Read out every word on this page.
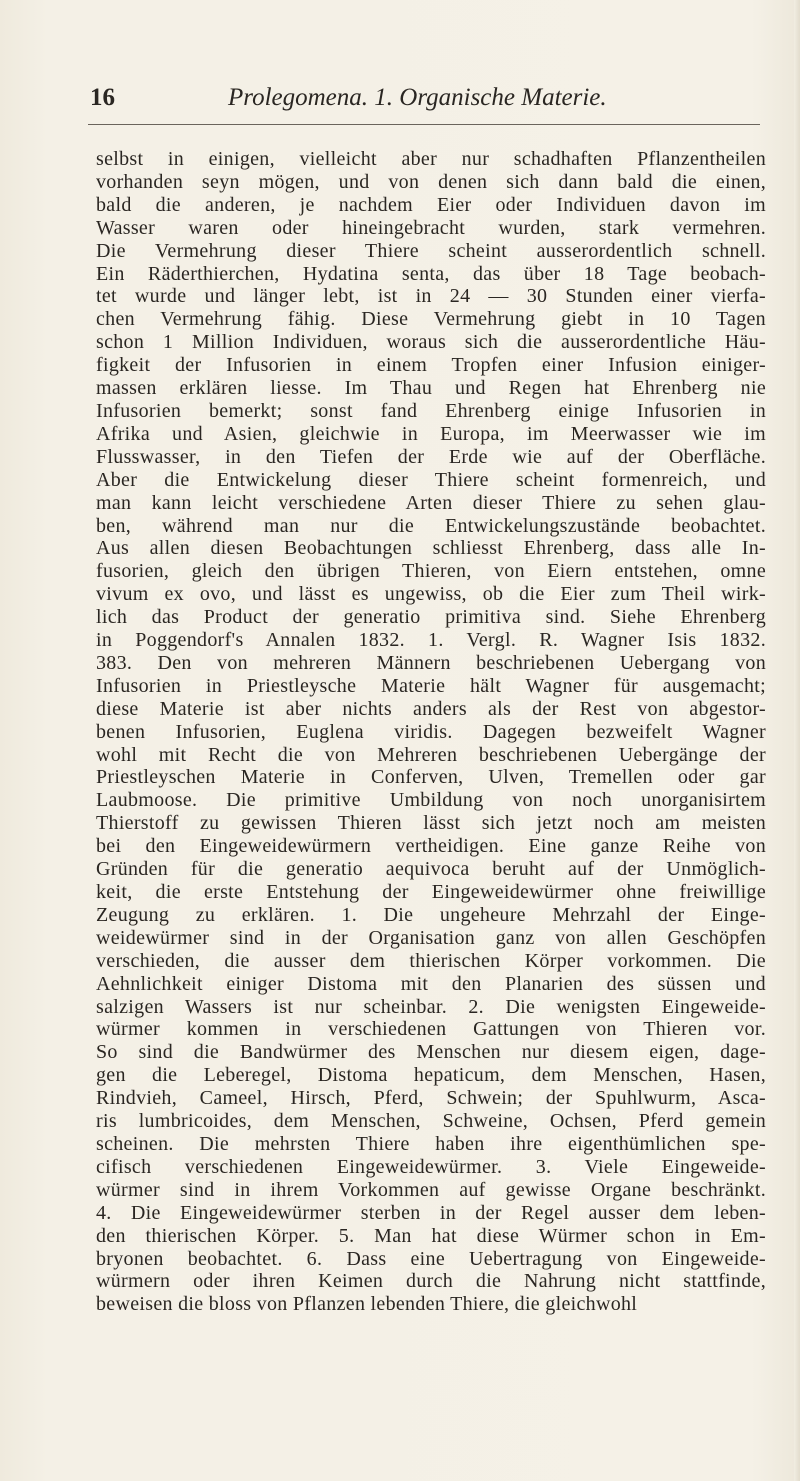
16	Prolegomena. 1. Organische Materie.
selbst in einigen, vielleicht aber nur schadhaften Pflanzentheilen
vorhanden seyn mögen, und von denen sich dann bald die einen,
bald die anderen, je nachdem Eier oder Individuen davon im
Wasser waren oder hineingebracht wurden, stark vermehren.
Die Vermehrung dieser Thiere scheint ausserordentlich schnell.
Ein Räderthierchen, Hydatina senta, das über 18 Tage beobach-
tet wurde und länger lebt, ist in 24 — 30 Stunden einer vierfa-
chen Vermehrung fähig. Diese Vermehrung giebt in 10 Tagen
schon 1 Million Individuen, woraus sich die ausserordentliche Häu-
figkeit der Infusorien in einem Tropfen einer Infusion einiger-
massen erklären liesse. Im Thau und Regen hat Ehrenberg nie
Infusorien bemerkt; sonst fand Ehrenberg einige Infusorien in
Afrika und Asien, gleichwie in Europa, im Meerwasser wie im
Flusswasser, in den Tiefen der Erde wie auf der Oberfläche.
Aber die Entwickelung dieser Thiere scheint formenreich, und
man kann leicht verschiedene Arten dieser Thiere zu sehen glau-
ben, während man nur die Entwickelungszustände beobachtet.
Aus allen diesen Beobachtungen schliesst Ehrenberg, dass alle In-
fusorien, gleich den übrigen Thieren, von Eiern entstehen, omne
vivum ex ovo, und lässt es ungewiss, ob die Eier zum Theil wirk-
lich das Product der generatio primitiva sind. Siehe Ehrenberg
in Poggendorf's Annalen 1832. 1. Vergl. R. Wagner Isis 1832.
383. Den von mehreren Männern beschriebenen Uebergang von
Infusorien in Priestleysche Materie hält Wagner für ausgemacht;
diese Materie ist aber nichts anders als der Rest von abgestor-
benen Infusorien, Euglena viridis. Dagegen bezweifelt Wagner
wohl mit Recht die von Mehreren beschriebenen Uebergänge der
Priestleyschen Materie in Conferven, Ulven, Tremellen oder gar
Laubmoose. Die primitive Umbildung von noch unorganisirtem
Thierstoff zu gewissen Thieren lässt sich jetzt noch am meisten
bei den Eingeweidewürmern vertheidigen. Eine ganze Reihe von
Gründen für die generatio aequivoca beruht auf der Unmöglich-
keit, die erste Entstehung der Eingeweidewürmer ohne freiwillige
Zeugung zu erklären. 1. Die ungeheure Mehrzahl der Einge-
weidewürmer sind in der Organisation ganz von allen Geschöpfen
verschieden, die ausser dem thierischen Körper vorkommen. Die
Aehnlichkeit einiger Distoma mit den Planarien des süssen und
salzigen Wassers ist nur scheinbar. 2. Die wenigsten Eingeweide-
würmer kommen in verschiedenen Gattungen von Thieren vor.
So sind die Bandwürmer des Menschen nur diesem eigen, dage-
gen die Leberegel, Distoma hepaticum, dem Menschen, Hasen,
Rindvieh, Cameel, Hirsch, Pferd, Schwein; der Spuhlwurm, Asca-
ris lumbricoides, dem Menschen, Schweine, Ochsen, Pferd gemein
scheinen. Die mehrsten Thiere haben ihre eigenthümlichen spe-
cifisch verschiedenen Eingeweidewürmer. 3. Viele Eingeweide-
würmer sind in ihrem Vorkommen auf gewisse Organe beschränkt.
4. Die Eingeweidewürmer sterben in der Regel ausser dem leben-
den thierischen Körper. 5. Man hat diese Würmer schon in Em-
bryonen beobachtet. 6. Dass eine Uebertragung von Eingeweide-
würmern oder ihren Keimen durch die Nahrung nicht stattfinde,
beweisen die bloss von Pflanzen lebenden Thiere, die gleichwohl
